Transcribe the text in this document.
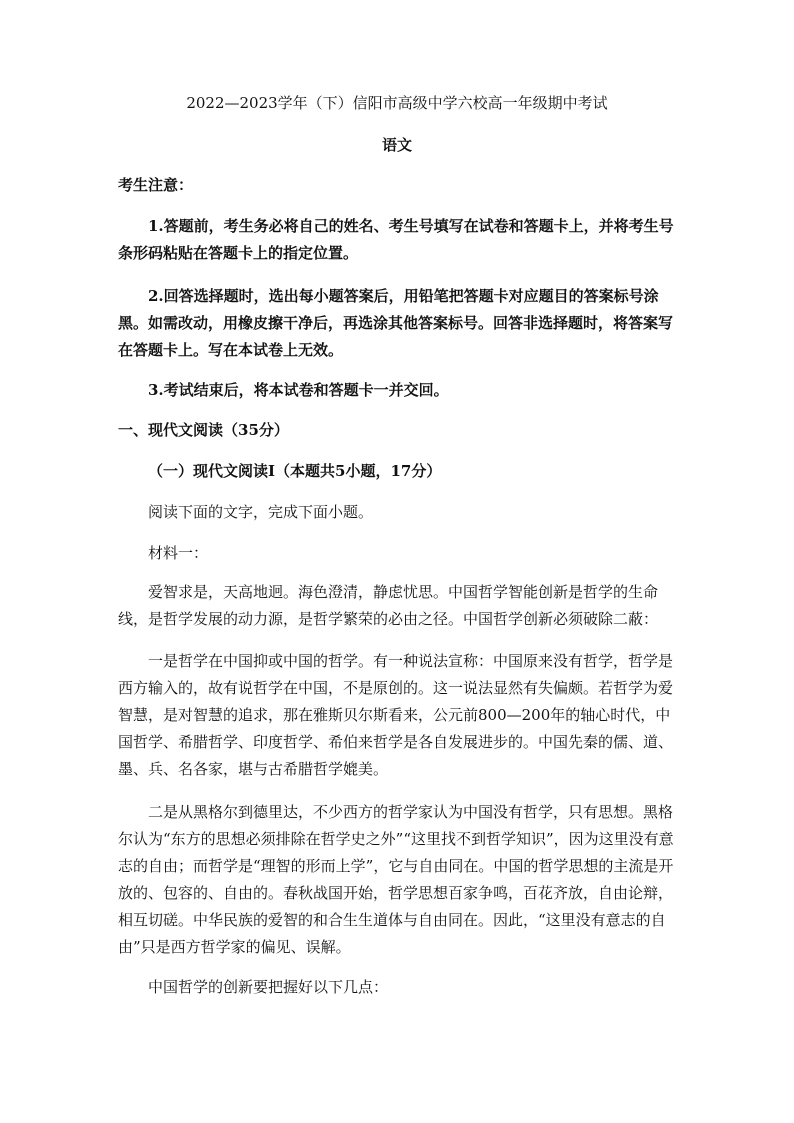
2022—2023学年（下）信阳市高级中学六校高一年级期中考试
语文
考生注意：
1.答题前，考生务必将自己的姓名、考生号填写在试卷和答题卡上，并将考生号条形码粘贴在答题卡上的指定位置。
2.回答选择题时，选出每小题答案后，用铅笔把答题卡对应题目的答案标号涂黑。如需改动，用橡皮擦干净后，再选涂其他答案标号。回答非选择题时，将答案写在答题卡上。写在本试卷上无效。
3.考试结束后，将本试卷和答题卡一并交回。
一、现代文阅读（35分）
（一）现代文阅读Ⅰ（本题共5小题，17分）
阅读下面的文字，完成下面小题。
材料一：
爱智求是，天高地迥。海色澄清，静虑忧思。中国哲学智能创新是哲学的生命线，是哲学发展的动力源，是哲学繁荣的必由之径。中国哲学创新必须破除二蔽：
一是哲学在中国抑或中国的哲学。有一种说法宣称：中国原来没有哲学，哲学是西方输入的，故有说哲学在中国，不是原创的。这一说法显然有失偏颇。若哲学为爱智慧，是对智慧的追求，那在雅斯贝尔斯看来，公元前800—200年的轴心时代，中国哲学、希腊哲学、印度哲学、希伯来哲学是各自发展进步的。中国先秦的儒、道、墨、兵、名各家，堪与古希腊哲学媲美。
二是从黑格尔到德里达，不少西方的哲学家认为中国没有哲学，只有思想。黑格尔认为“东方的思想必须排除在哲学史之外”“这里找不到哲学知识”，因为这里没有意志的自由；而哲学是“理智的形而上学”，它与自由同在。中国的哲学思想的主流是开放的、包容的、自由的。春秋战国开始，哲学思想百家争鸣，百花齐放，自由论辩，相互切磋。中华民族的爱智的和合生生道体与自由同在。因此，“这里没有意志的自由”只是西方哲学家的偏见、误解。
中国哲学的创新要把握好以下几点：
